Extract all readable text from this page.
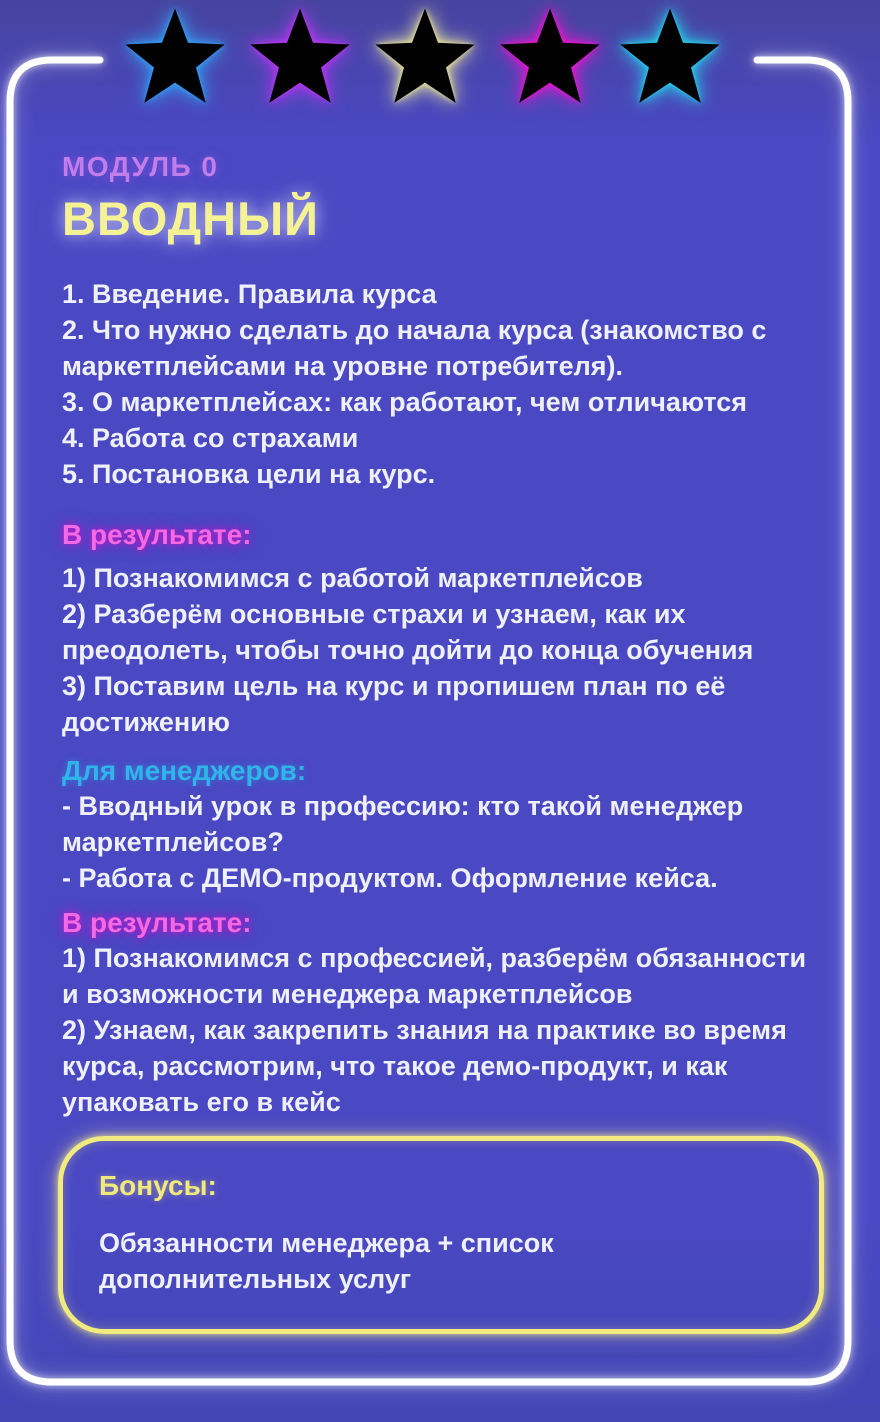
МОДУЛЬ 0
ВВОДНЫЙ
1. Введение. Правила курса
2. Что нужно сделать до начала курса (знакомство с маркетплейсами на уровне потребителя).
3. О маркетплейсах: как работают, чем отличаются
4. Работа со страхами
5. Постановка цели на курс.
В результате:
1) Познакомимся с работой маркетплейсов
2) Разберём основные страхи и узнаем, как их преодолеть, чтобы точно дойти до конца обучения
3) Поставим цель на курс и пропишем план по её достижению
Для менеджеров:
- Вводный урок в профессию: кто такой менеджер маркетплейсов?
- Работа с ДЕМО-продуктом. Оформление кейса.
В результате:
1) Познакомимся с профессией, разберём обязанности и возможности менеджера маркетплейсов
2) Узнаем, как закрепить знания на практике во время курса, рассмотрим, что такое демо-продукт, и как упаковать его в кейс
Бонусы:
Обязанности менеджера + список дополнительных услуг
